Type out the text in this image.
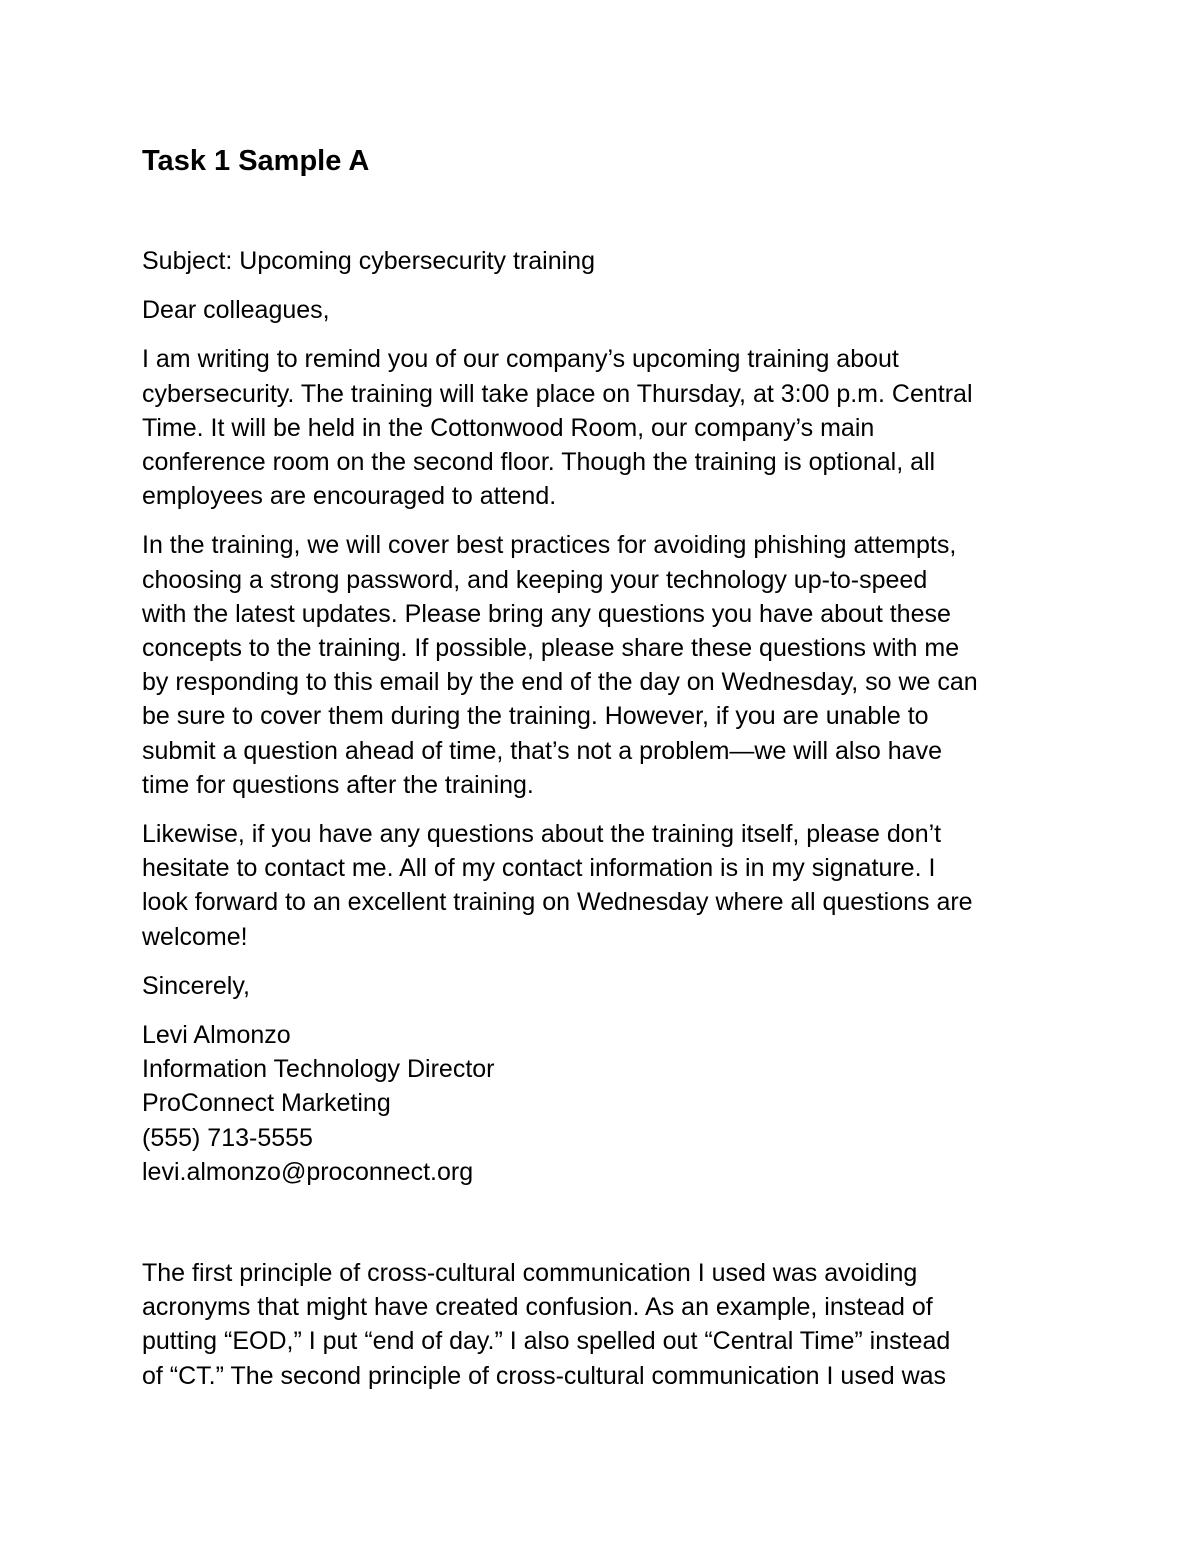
Task 1 Sample A

Subject: Upcoming cybersecurity training

Dear colleagues,

I am writing to remind you of our company’s upcoming training about
cybersecurity. The training will take place on Thursday, at 3:00 p.m. Central
Time. It will be held in the Cottonwood Room, our company’s main
conference room on the second floor. Though the training is optional, all
employees are encouraged to attend.

In the training, we will cover best practices for avoiding phishing attempts,
choosing a strong password, and keeping your technology up-to-speed
with the latest updates. Please bring any questions you have about these
concepts to the training. If possible, please share these questions with me
by responding to this email by the end of the day on Wednesday, so we can
be sure to cover them during the training. However, if you are unable to
submit a question ahead of time, that’s not a problem—we will also have
time for questions after the training.

Likewise, if you have any questions about the training itself, please don’t
hesitate to contact me. All of my contact information is in my signature. I
look forward to an excellent training on Wednesday where all questions are
welcome!

Sincerely,

Levi Almonzo
Information Technology Director
ProConnect Marketing
(555) 713-5555
levi.almonzo@proconnect.org
The first principle of cross-cultural communication I used was avoiding
acronyms that might have created confusion. As an example, instead of
putting “EOD,” I put “end of day.” I also spelled out “Central Time” instead
of “CT.” The second principle of cross-cultural communication I used was
